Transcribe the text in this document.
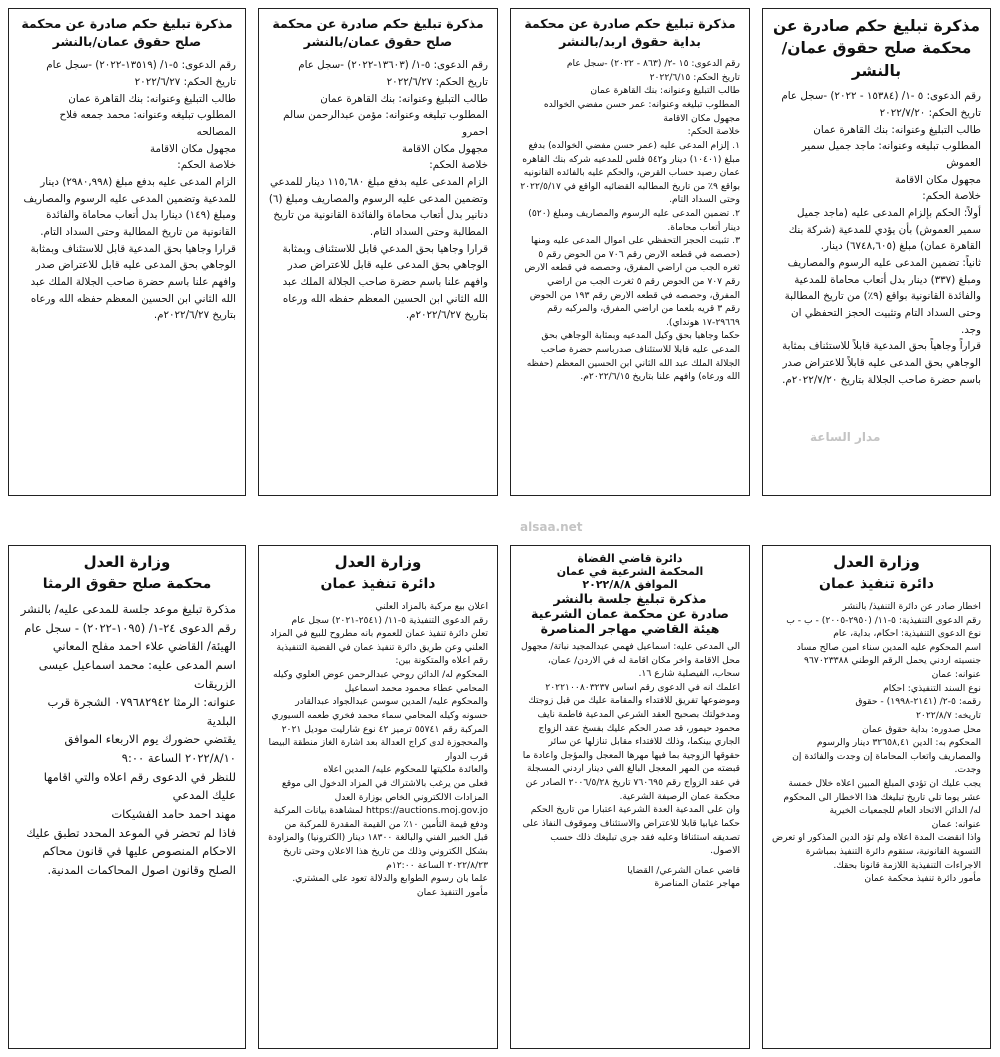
مذكرة تبليغ حكم صادرة عن محكمة صلح حقوق عمان/ بالنشر

رقم الدعوى: ٥ -١/ (١٥٣٨٤ - ٢٠٢٢) -سجل عام

تاريخ الحكم: ٢٠٢٢/٧/٢٠

طالب التبليغ وعنوانه: بنك القاهرة عمان

المطلوب تبليغه وعنوانه: ماجد جميل سمير العموش

مجهول مكان الاقامة

خلاصة الحكم:

أولاً: الحكم بإلزام المدعى عليه (ماجد جميل سمير العموش) بأن يؤدي للمدعية (شركة بنك القاهرة عمان) مبلغ (٦٧٤٨,٦٠٥) دينار.

ثانياً: تضمين المدعى عليه الرسوم والمصاريف ومبلغ (٣٣٧) دينار بدل أتعاب محاماة للمدعية والفائدة القانونية بواقع (٩٪) من تاريخ المطالبة وحتى السداد التام وتثبيت الحجز التحفظي ان وجد.

قراراً وجاهياً بحق المدعية قابلاً للاستئناف بمثابة الوجاهي بحق المدعى عليه قابلاً للاعتراض صدر باسم حضرة صاحب الجلالة بتاريخ ٢٠٢٢/٧/٢٠م.

مذكرة تبليغ حكم صادرة عن محكمة بداية حقوق اربد/بالنشر

رقم الدعوى: ١٥ -٢/ (٨٦٣ - ٢٠٢٢) -سجل عام

تاريخ الحكم: ٢٠٢٢/٦/١٥

طالب التبليغ وعنوانه: بنك القاهرة عمان

المطلوب تبليغه وعنوانه: عمر حسن مفضي الخوالده

مجهول مكان الاقامة

خلاصة الحكم:

١. إلزام المدعى عليه (عمر حسن مفضي الخوالده) بدفع مبلغ (١٠٤٠١) دينار و٥٤٢ فلس للمدعيه شركه بنك القاهره عمان رصيد حساب القرض، والحكم عليه بالفائده القانونيه بواقع ٩٪ من تاريخ المطالبه القضائيه الواقع في ٢٠٢٢/٥/١٧ وحتى السداد التام.

٢. تضمين المدعى عليه الرسوم والمصاريف ومبلغ (٥٢٠) دينار أتعاب محاماة.

٣. تثبيت الحجز التحفظي على اموال المدعى عليه ومنها (حصصه في قطعه الارض رقم ٧٠٦ من الحوض رقم ٥ ثغره الجب من اراضي المفرق، وحصصه في قطعه الارض رقم ٧٠٧ من الحوض رقم ٥ ثغرت الجب من اراضي المفرق، وحصصه في قطعه الارض رقم ١٩٣ من الحوض رقم ٣ قريه بلعما من اراضي المفرق، والمركبه رقم ٢٩٦٦٩-١٧ هونداي).

حكما وجاهيا بحق وكيل المدعيه وبمثابة الوجاهي بحق المدعى عليه قابلا للاستئناف صدرباسم حضرة صاحب الجلالة الملك عبد الله الثاني ابن الحسين المعظم (حفظه الله ورعاه) وافهم علنا بتاريخ ٢٠٢٢/٦/١٥م.

مذكرة تبليغ حكم صادرة عن محكمة صلح حقوق عمان/بالنشر

رقم الدعوى: ٥-١/ (١٣٦٠٣-٢٠٢٢) -سجل عام

تاريخ الحكم: ٢٠٢٢/٦/٢٧

طالب التبليغ وعنوانه: بنك القاهرة عمان

المطلوب تبليغه وعنوانه: مؤمن عبدالرحمن سالم احمرو

مجهول مكان الاقامة

خلاصة الحكم:

الزام المدعى عليه بدفع مبلغ ١١٥,٦٨٠ دينار للمدعي وتضمين المدعى عليه الرسوم والمصاريف ومبلغ (٦) دنانير بدل أتعاب محاماة والفائدة القانونية من تاريخ المطالبة وحتى السداد التام.

قرارا وجاهيا بحق المدعي قابل للاستئناف وبمثابة الوجاهي بحق المدعى عليه قابل للاعتراض صدر وافهم علنا باسم حضرة صاحب الجلالة الملك عبد الله الثاني ابن الحسين المعظم حفظه الله ورعاه بتاريخ ٢٠٢٢/٦/٢٧م.

مذكرة تبليغ حكم صادرة عن محكمة صلح حقوق عمان/بالنشر

رقم الدعوى: ٥-١/ (١٣٥١٩-٢٠٢٢) -سجل عام

تاريخ الحكم: ٢٠٢٢/٦/٢٧

طالب التبليغ وعنوانه: بنك القاهرة عمان

المطلوب تبليغه وعنوانه: محمد جمعه فلاح المصالحه

مجهول مكان الاقامة

خلاصة الحكم:

الزام المدعى عليه بدفع مبلغ (٢٩٨٠,٩٩٨) دينار للمدعية وتضمين المدعى عليه الرسوم والمصاريف ومبلغ (١٤٩) دينارا بدل أتعاب محاماة والفائدة القانونية من تاريخ المطالبة وحتى السداد التام.

قرارا وجاهيا بحق المدعية قابل للاستئناف وبمثابة الوجاهي بحق المدعى عليه قابل للاعتراض صدر وافهم علنا باسم حضرة صاحب الجلالة الملك عبد الله الثاني ابن الحسين المعظم حفظه الله ورعاه بتاريخ ٢٠٢٢/٦/٢٧م.

وزارة العدل
دائرة تنفيذ عمان

اخطار صادر عن دائرة التنفيذ/ بالنشر

رقم الدعوى التنفيذية: ٥-١١/ (٢٩٥٠-٢٠٠٥) - ب - ب

نوع الدعوى التنفيذية: احكام، بداية، عام

اسم المحكوم عليه المدين سناء امين صالح مساد جنسيته اردني يحمل الرقم الوطني ٩٦٧٠٢٣٣٨٨

عنوانه: عمان

نوع السند التنفيذي: احكام

رقمه: ٥-٢/ (٢١٤١-١٩٩٨) - حقوق

تاريخه: ٢٠٢٢/٨/٧

محل صدوره: بداية حقوق عمان

المحكوم به: الدين ٣٢٦٥٨,٤١ دينار والرسوم والمصاريف واتعاب المحاماة إن وجدت والفائدة إن وجدت.

يجب عليك ان تؤدي المبلغ المبين اعلاه خلال خمسة عشر يوما تلي تاريخ تبليغك هذا الاخطار الى المحكوم له/ الدائن الاتحاد العام للجمعيات الخيرية

عنوانه: عمان

واذا انقضت المدة اعلاه ولم تؤد الدين المذكور او تعرض التسوية القانونية، ستقوم دائرة التنفيذ بمباشرة الاجراءات التنفيذية اللازمة قانونا بحقك.

مأمور دائرة تنفيذ محكمة عمان

دائرة قاضي القضاة

المحكمة الشرعية في عمان

الموافق ٢٠٢٢/٨/٨

مذكرة تبليغ جلسة بالنشر

صادرة عن محكمة عمان الشرعية

هيئة القاضي مهاجر المناصرة

الى المدعى عليه: اسماعيل فهمي عبدالمجيد نباتة/ مجهول محل الاقامة واخر مكان اقامة له في الاردن/ عمان، سحاب، الفيصلية شارع ١٦.

اعلمك انه في الدعوى رقم اساس ٢٠٢٢١٠٠٨٠٣٢٣٧ وموضوعها تفريق للافتداء والمقامة عليك من قبل زوجتك ومدخولتك بصحيح العقد الشرعي المدعية فاطمة نايف محمود حيمور، قد صدر الحكم عليك بفسخ عقد الزواج الجاري بينكما، وذلك للافتداء مقابل تنازلها عن سائر حقوقها الزوجية بما فيها مهرها المعجل والمؤجل واعادة ما قبضته من المهر المعجل البالغ الفي دينار اردني المسجلة في عقد الزواج رقم ٧٦٠٦٩٥ تاريخ ٢٠٠٦/٥/٢٨ الصادر عن محكمة عمان الرصيفة الشرعية.

وان على المدعية العدة الشرعية اعتبارا من تاريخ الحكم حكما غيابيا قابلا للاعتراض والاستئناف وموقوف النفاذ على تصديقه استئنافا وعليه فقد جرى تبليغك ذلك حسب الاصول.

قاضي عمان الشرعي/ القضايا

مهاجر عثمان المناصرة

وزارة العدل
دائرة تنفيذ عمان

اعلان بيع مركبة بالمزاد العلني

رقم الدعوى التنفيذية ٥-١١/ (٢٥٤١-٢٠٢١) سجل عام

تعلن دائرة تنفيذ عمان للعموم بانه مطروح للبيع في المزاد العلني وعن طريق دائرة تنفيذ عمان في القضية التنفيذية رقم اعلاه والمتكونة بين:

المحكوم له/ الدائن روحي عبدالرحمن عوض العلوي وكيله المحامي عطاء محمود محمد اسماعيل

والمحكوم عليه/ المدين سوسن عبدالجواد عبدالقادر حسونه وكيله المحامي سماء محمد فخري طعمه السيوري

المركبة رقم ٥٥٧٤١ ترميز ٤٢ نوع شارليت موديل ٢٠٢١

والمحجوزة لدى كراج العدالة بعد اشارة الغاز منطقة البيضا قرب الدوار

والعائدة ملكيتها للمحكوم عليه/ المدين اعلاه

فعلى من يرغب بالاشتراك في المزاد الدخول الى موقع المزادات الالكتروني الخاص بوزارة العدل https://auctions.moj.gov.jo لمشاهدة بيانات المركبة ودفع قيمة التأمين ١٠٪ من القيمة المقدرة للمركبة من قبل الخبير الفني والبالغة ١٨٣٠٠ دينار (الكترونيا) والمزاودة بشكل الكتروني وذلك من تاريخ هذا الاعلان وحتى تاريخ ٢٠٢٢/٨/٢٣ الساعة ١٢:٠٠م

علما بان رسوم الطوابع والدلالة تعود على المشتري.

مأمور التنفيذ عمان

وزارة العدل
محكمة صلح حقوق الرمثا

مذكرة تبليغ موعد جلسة للمدعى عليه/ بالنشر

رقم الدعوى ٢٤-١/ (١٠٩٥-٢٠٢٢) - سجل عام

الهيئة/ القاضي علاء احمد مفلح المعاني

اسم المدعى عليه: محمد اسماعيل عيسى الزريقات

عنوانه: الرمثا ٠٧٩٦٨٢٩٤٢ الشجرة قرب البلدية

يقتضي حضورك يوم الاربعاء الموافق ٢٠٢٢/٨/١٠ الساعة ٩:٠٠

للنظر في الدعوى رقم اعلاه والتي اقامها عليك المدعي

مهند احمد حامد الفشيكات

فاذا لم تحضر في الموعد المحدد تطبق عليك الاحكام المنصوص عليها في قانون محاكم الصلح وقانون اصول المحاكمات المدنية.

مدار الساعة
alsaa.net
